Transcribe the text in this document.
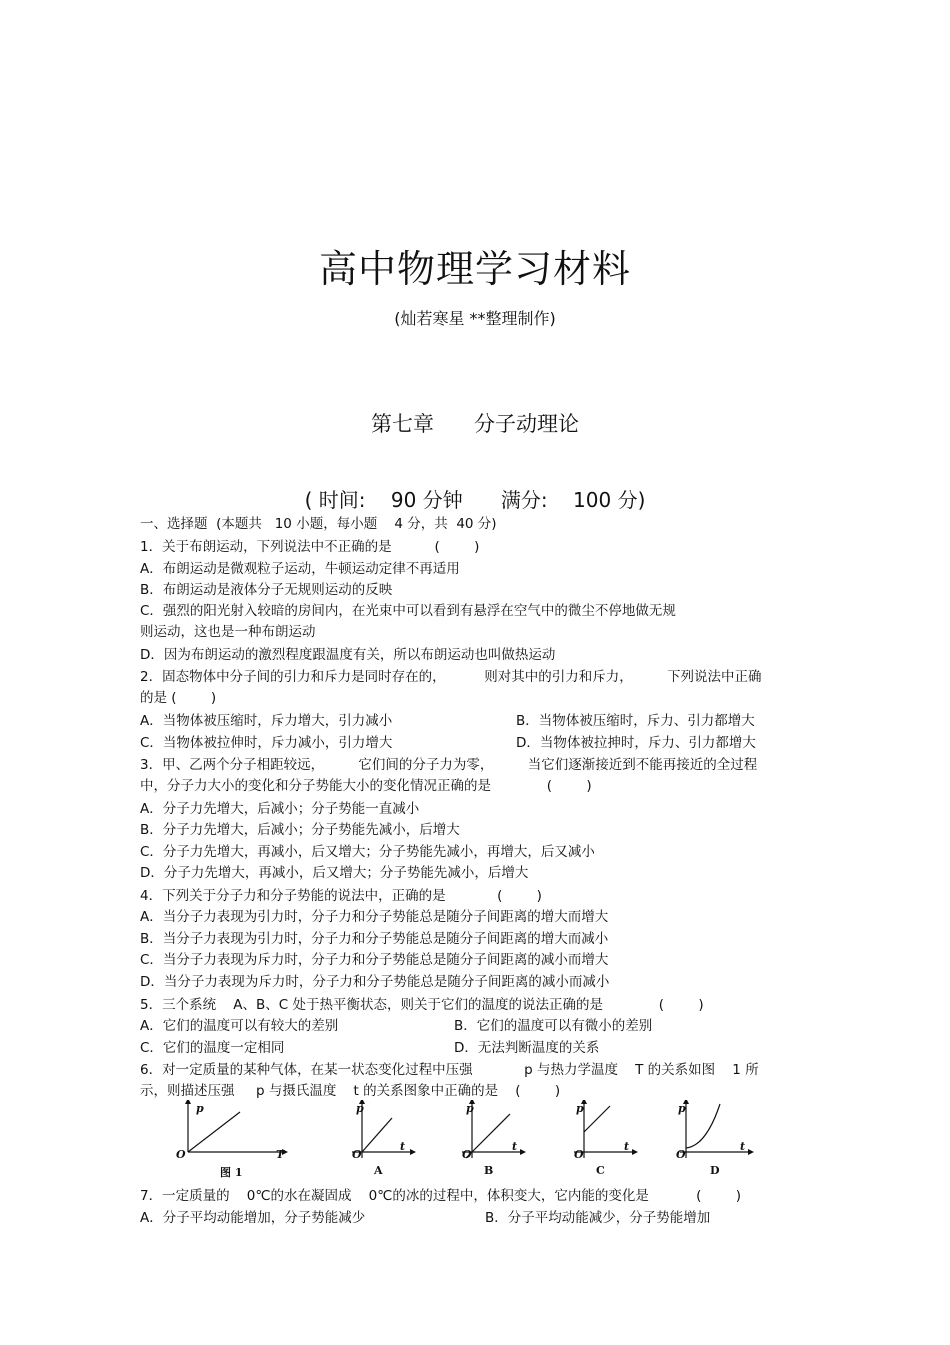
高中物理学习材料
(灿若寒星 **整理制作)
第七章      分子动理论
( 时间:    90 分钟      满分:    100 分)
一、选择题  (本题共   10 小题，每小题    4 分，共  40 分)
1．关于布朗运动，下列说法中不正确的是          (        )
A．布朗运动是微观粒子运动，牛顿运动定律不再适用
B．布朗运动是液体分子无规则运动的反映
C．强烈的阳光射入较暗的房间内，在光束中可以看到有悬浮在空气中的微尘不停地做无规
则运动，这也是一种布朗运动
D．因为布朗运动的激烈程度跟温度有关，所以布朗运动也叫做热运动
2．固态物体中分子间的引力和斥力是同时存在的，         则对其中的引力和斥力，        下列说法中正确
的是 (        )
A．当物体被压缩时，斥力增大，引力减小	B．当物体被压缩时，斥力、引力都增大
C．当物体被拉伸时，斥力减小，引力增大	D．当物体被拉抻时，斥力、引力都增大
3．甲、乙两个分子相距较远，        它们间的分子力为零，        当它们逐渐接近到不能再接近的全过程
中，分子力大小的变化和分子势能大小的变化情况正确的是             (        )
A．分子力先增大，后减小；分子势能一直减小
B．分子力先增大，后减小；分子势能先减小，后增大
C．分子力先增大，再减小，后又增大；分子势能先减小，再增大，后又减小
D．分子力先增大，再减小，后又增大；分子势能先减小，后增大
4．下列关于分子力和分子势能的说法中，正确的是            (        )
A．当分子力表现为引力时，分子力和分子势能总是随分子间距离的增大而增大
B．当分子力表现为引力时，分子力和分子势能总是随分子间距离的增大而减小
C．当分子力表现为斥力时，分子力和分子势能总是随分子间距离的减小而增大
D．当分子力表现为斥力时，分子力和分子势能总是随分子间距离的减小而减小
5．三个系统    A、B、C 处于热平衡状态，则关于它们的温度的说法正确的是             (        )
A．它们的温度可以有较大的差别	B．它们的温度可以有微小的差别
C．它们的温度一定相同	D．无法判断温度的关系
6．对一定质量的某种气体，在某一状态变化过程中压强            p 与热力学温度    T 的关系如图    1 所
示，则描述压强     p 与摄氏温度    t 的关系图象中正确的是    (        )
p
T
O
图 1
p
t
O
A
p
t
O
B
p
t
O
C
p
t
O
D
7．一定质量的    0℃的水在凝固成    0℃的冰的过程中，体积变大，它内能的变化是           (        )
A．分子平均动能增加，分子势能减少	B．分子平均动能减少，分子势能增加
